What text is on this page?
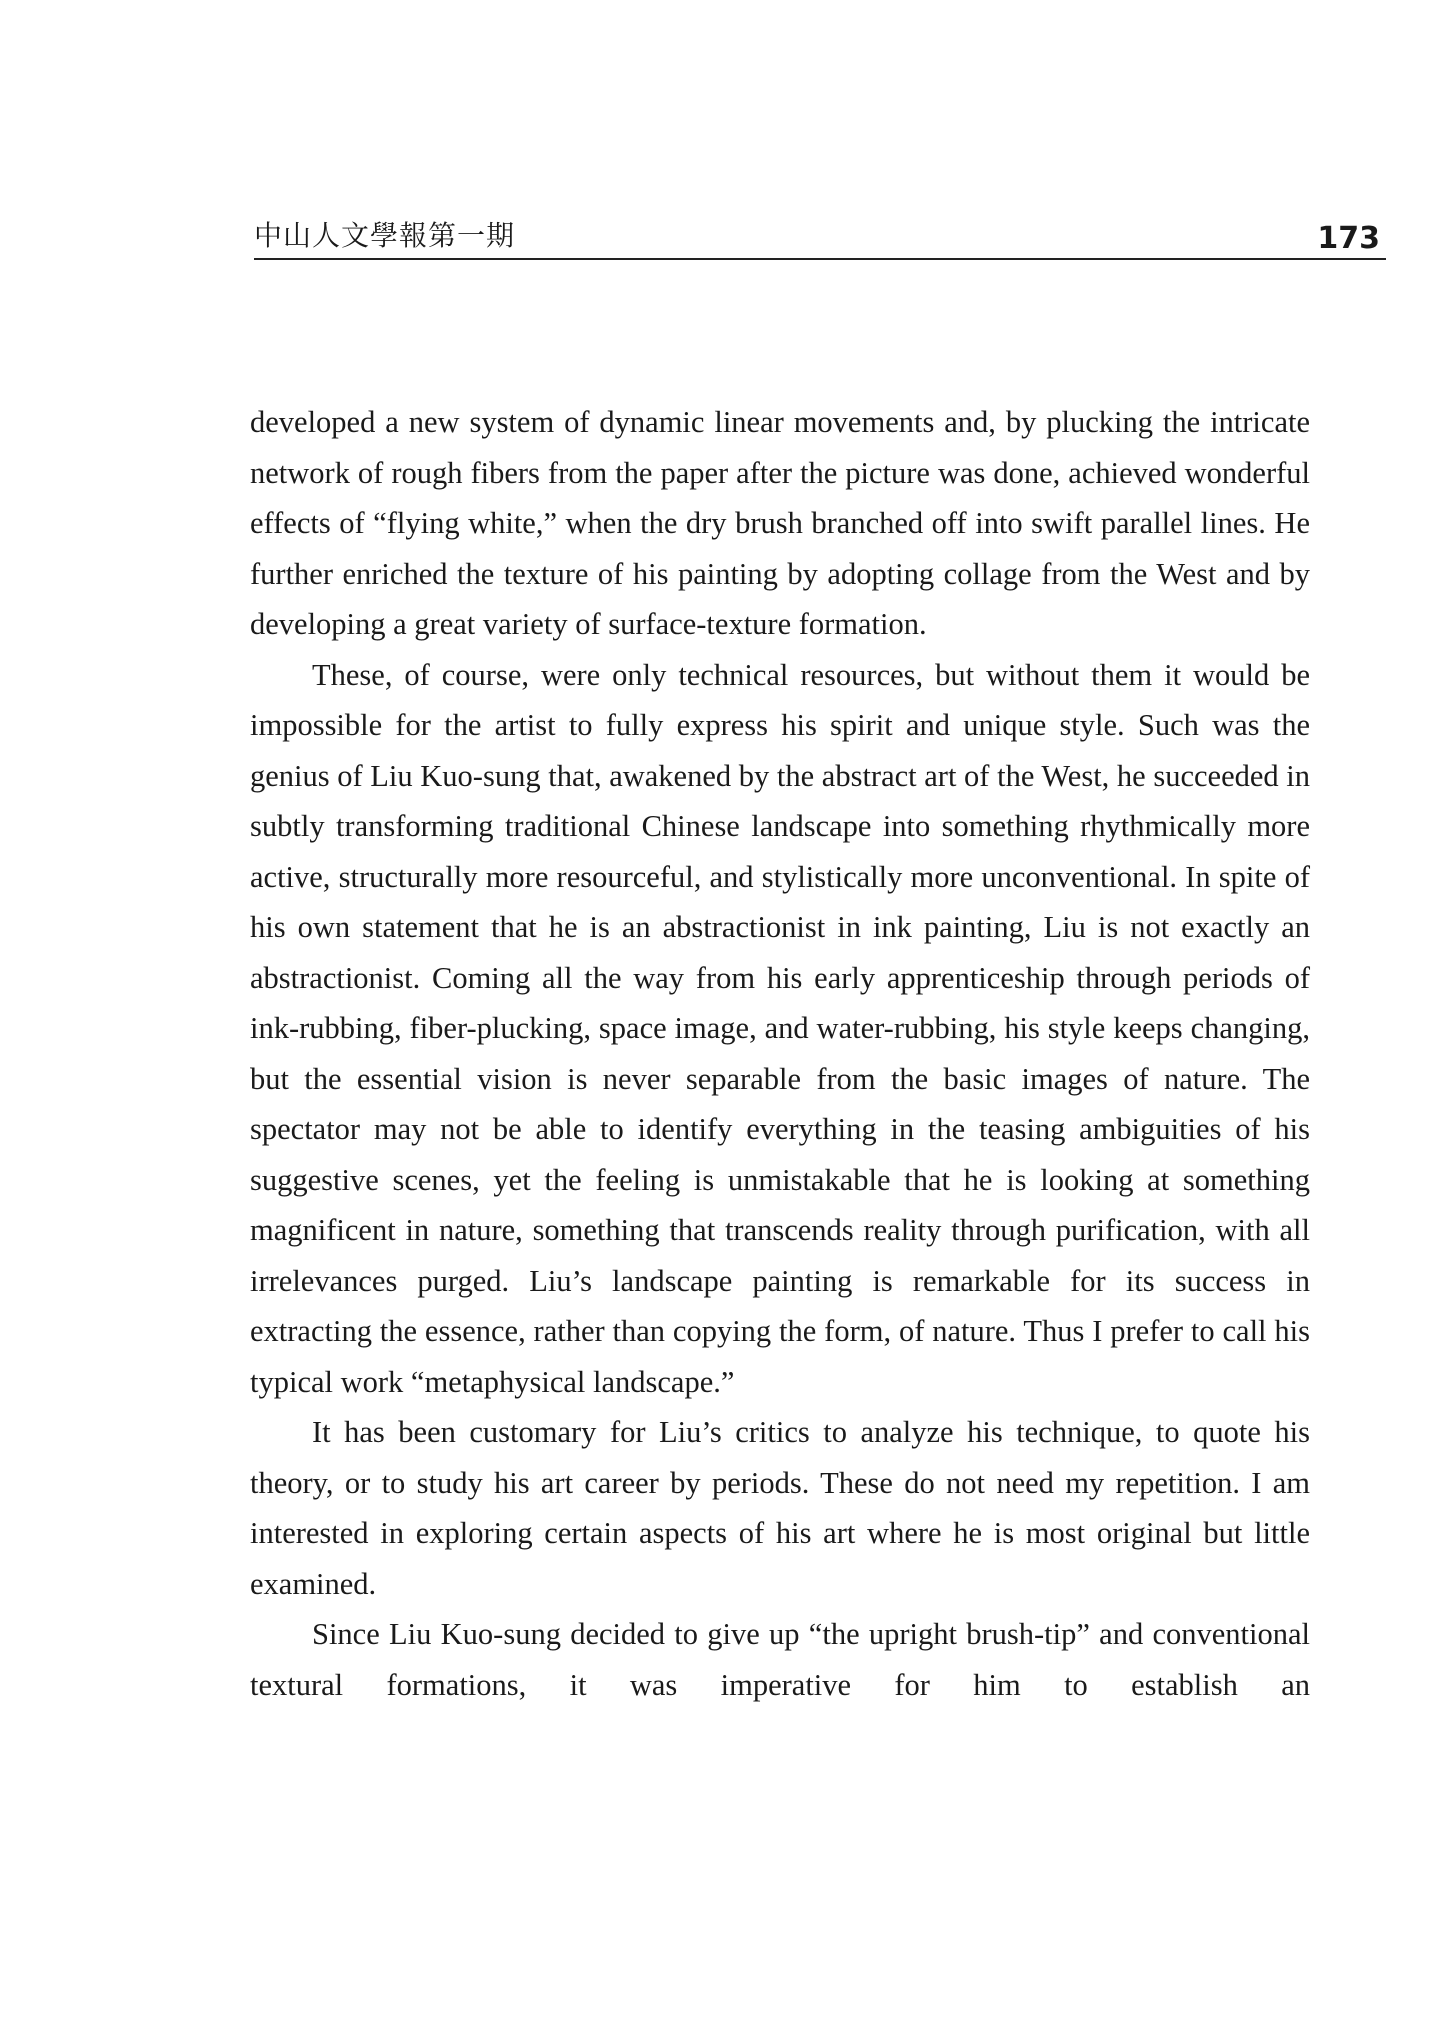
中山人文學報第一期	173

developed a new system of dynamic linear movements and, by plucking the intricate network of rough fibers from the paper after the picture was done, achieved wonderful effects of “flying white,” when the dry brush branched off into swift parallel lines. He further enriched the texture of his painting by adopting collage from the West and by developing a great variety of surface-texture formation.

These, of course, were only technical resources, but without them it would be impossible for the artist to fully express his spirit and unique style. Such was the genius of Liu Kuo-sung that, awakened by the abstract art of the West, he succeeded in subtly transforming traditional Chinese landscape into something rhythmically more active, structurally more resourceful, and stylistically more unconventional. In spite of his own statement that he is an abstractionist in ink painting, Liu is not exactly an abstractionist. Coming all the way from his early apprenticeship through periods of ink-rubbing, fiber-plucking, space image, and water-rubbing, his style keeps changing, but the essential vision is never separable from the basic images of nature. The spectator may not be able to identify everything in the teasing ambiguities of his suggestive scenes, yet the feeling is unmistakable that he is looking at something magnificent in nature, something that transcends reality through purification, with all irrelevances purged. Liu’s landscape painting is remarkable for its success in extracting the essence, rather than copying the form, of nature. Thus I prefer to call his typical work “metaphysical landscape.”

It has been customary for Liu’s critics to analyze his technique, to quote his theory, or to study his art career by periods. These do not need my repetition. I am interested in exploring certain aspects of his art where he is most original but little examined.

Since Liu Kuo-sung decided to give up “the upright brush-tip” and conventional textural formations, it was imperative for him to establish an
